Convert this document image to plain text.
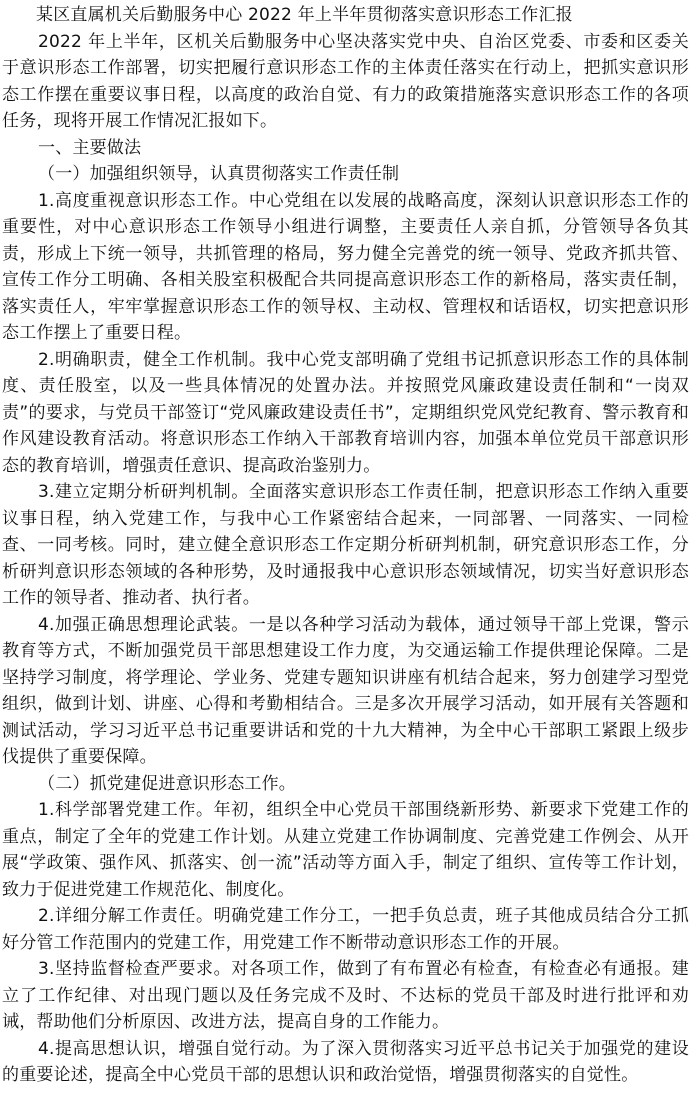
某区直属机关后勤服务中心 2022 年上半年贯彻落实意识形态工作汇报

2022 年上半年，区机关后勤服务中心坚决落实党中央、自治区党委、市委和区委关于意识形态工作部署，切实把履行意识形态工作的主体责任落实在行动上，把抓实意识形态工作摆在重要议事日程，以高度的政治自觉、有力的政策措施落实意识形态工作的各项任务，现将开展工作情况汇报如下。

一、主要做法

（一）加强组织领导，认真贯彻落实工作责任制

1.高度重视意识形态工作。中心党组在以发展的战略高度，深刻认识意识形态工作的重要性，对中心意识形态工作领导小组进行调整，主要责任人亲自抓，分管领导各负其责，形成上下统一领导，共抓管理的格局，努力健全完善党的统一领导、党政齐抓共管、宣传工作分工明确、各相关股室积极配合共同提高意识形态工作的新格局，落实责任制，落实责任人，牢牢掌握意识形态工作的领导权、主动权、管理权和话语权，切实把意识形态工作摆上了重要日程。

2.明确职责，健全工作机制。我中心党支部明确了党组书记抓意识形态工作的具体制度、责任股室，以及一些具体情况的处置办法。并按照党风廉政建设责任制和“一岗双责”的要求，与党员干部签订“党风廉政建设责任书”，定期组织党风党纪教育、警示教育和作风建设教育活动。将意识形态工作纳入干部教育培训内容，加强本单位党员干部意识形态的教育培训，增强责任意识、提高政治鉴别力。

3.建立定期分析研判机制。全面落实意识形态工作责任制，把意识形态工作纳入重要议事日程，纳入党建工作，与我中心工作紧密结合起来，一同部署、一同落实、一同检查、一同考核。同时，建立健全意识形态工作定期分析研判机制，研究意识形态工作，分析研判意识形态领域的各种形势，及时通报我中心意识形态领域情况，切实当好意识形态工作的领导者、推动者、执行者。

4.加强正确思想理论武装。一是以各种学习活动为载体，通过领导干部上党课，警示教育等方式，不断加强党员干部思想建设工作力度，为交通运输工作提供理论保障。二是坚持学习制度，将学理论、学业务、党建专题知识讲座有机结合起来，努力创建学习型党组织，做到计划、讲座、心得和考勤相结合。三是多次开展学习活动，如开展有关答题和测试活动，学习习近平总书记重要讲话和党的十九大精神，为全中心干部职工紧跟上级步伐提供了重要保障。

（二）抓党建促进意识形态工作。

1.科学部署党建工作。年初，组织全中心党员干部围绕新形势、新要求下党建工作的重点，制定了全年的党建工作计划。从建立党建工作协调制度、完善党建工作例会、从开展“学政策、强作风、抓落实、创一流”活动等方面入手，制定了组织、宣传等工作计划，致力于促进党建工作规范化、制度化。

2.详细分解工作责任。明确党建工作分工，一把手负总责，班子其他成员结合分工抓好分管工作范围内的党建工作，用党建工作不断带动意识形态工作的开展。

3.坚持监督检查严要求。对各项工作，做到了有布置必有检查，有检查必有通报。建立了工作纪律、对出现门题以及任务完成不及时、不达标的党员干部及时进行批评和劝诫，帮助他们分析原因、改进方法，提高自身的工作能力。

4.提高思想认识，增强自觉行动。为了深入贯彻落实习近平总书记关于加强党的建设的重要论述，提高全中心党员干部的思想认识和政治觉悟，增强贯彻落实的自觉性。
